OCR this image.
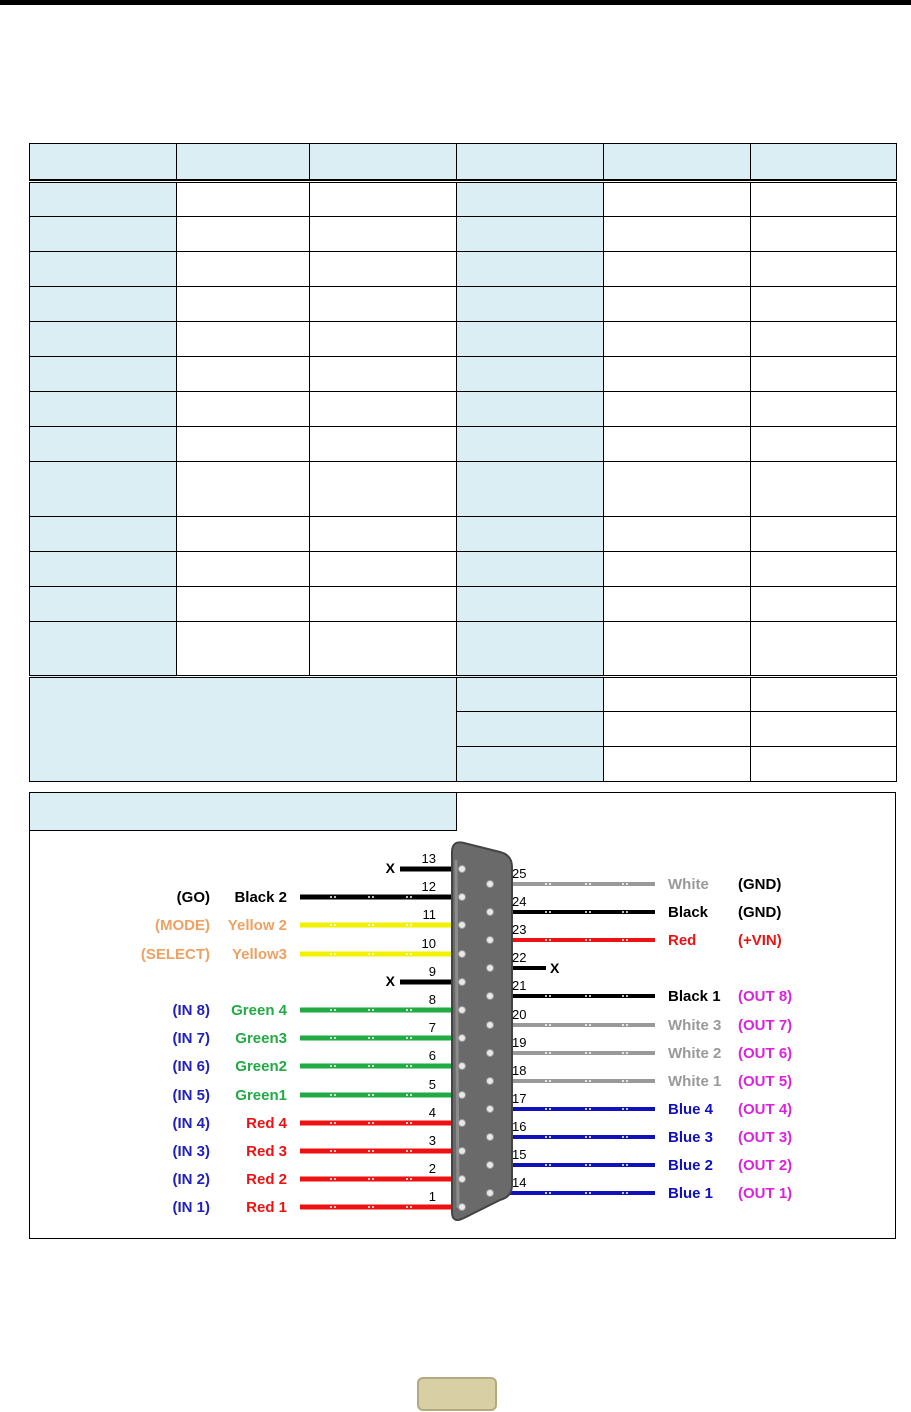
13
X
12
Black 2
(GO)
11
Yellow 2
(MODE)
10
Yellow3
(SELECT)
9
X
8
Green 4
(IN 8)
7
Green3
(IN 7)
6
Green2
(IN 6)
5
Green1
(IN 5)
4
Red 4
(IN 4)
3
Red 3
(IN 3)
2
Red 2
(IN 2)
1
Red 1
(IN 1)
25
White (GND)
24
Black (GND)
23
Red	(+VIN)
22
X
21
Black 1 (OUT 8)
20
White 3 (OUT 7)
19
White 2 (OUT 6)
18
White 1 (OUT 5)
17
Blue 4 (OUT 4)
16
Blue 3 (OUT 3)
15
Blue 2 (OUT 2)
14
Blue 1 (OUT 1)
